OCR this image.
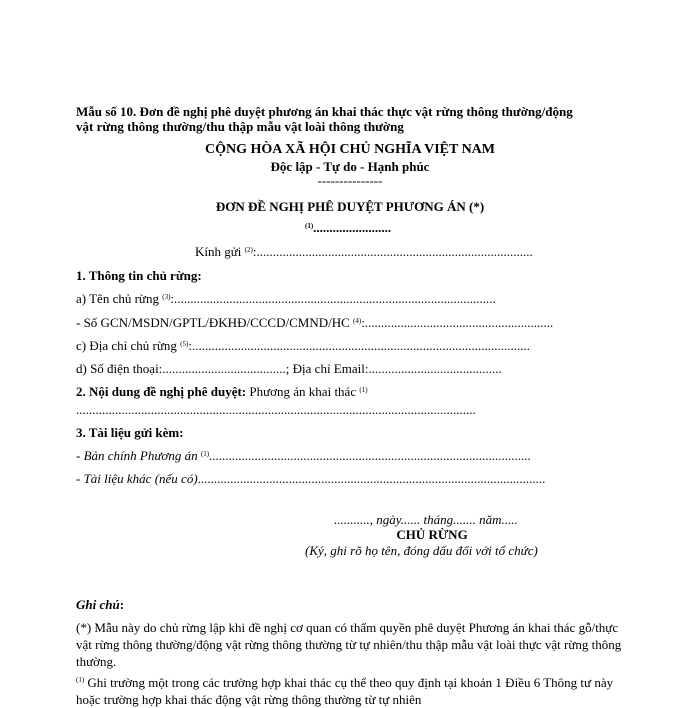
Mẫu số 10. Đơn đề nghị phê duyệt phương án khai thác thực vật rừng thông thường/động
vật rừng thông thường/thu thập mẫu vật loài thông thường
CỘNG HÒA XÃ HỘI CHỦ NGHĨA VIỆT NAM
Độc lập - Tự do - Hạnh phúc
---------------
ĐƠN ĐỀ NGHỊ PHÊ DUYỆT PHƯƠNG ÁN (*)
$^{(1)}$........................
Kính gửi $^{(2)}$:.....................................................................................
1. Thông tin chủ rừng:
a) Tên chủ rừng $^{(3)}$:...................................................................................................
- Số GCN/MSDN/GPTL/ĐKHĐ/CCCD/CMND/HC $^{(4)}$:..........................................................
c) Địa chỉ chủ rừng $^{(5)}$:........................................................................................................
d) Số điện thoại:......................................; Địa chỉ Email:.........................................
2. Nội dung đề nghị phê duyệt: Phương án khai thác $^{(1)}$
...........................................................................................................................
3. Tài liệu gửi kèm:
- Bản chính Phương án $^{(1)}$...................................................................................................
- Tài liệu khác (nếu có)...........................................................................................................
..........., ngày...... tháng....... năm.....
CHỦ RỪNG
(Ký, ghi rõ họ tên, đóng dấu đối với tổ chức)
Ghi chú:
(*) Mẫu này do chủ rừng lập khi đề nghị cơ quan có thẩm quyền phê duyệt Phương án khai thác gỗ/thực vật rừng thông thường/động vật rừng thông thường từ tự nhiên/thu thập mẫu vật loài thực vật rừng thông thường.
$^{(1)}$ Ghi trường một trong các trường hợp khai thác cụ thể theo quy định tại khoản 1 Điều 6 Thông tư này hoặc trường hợp khai thác động vật rừng thông thường từ tự nhiên
